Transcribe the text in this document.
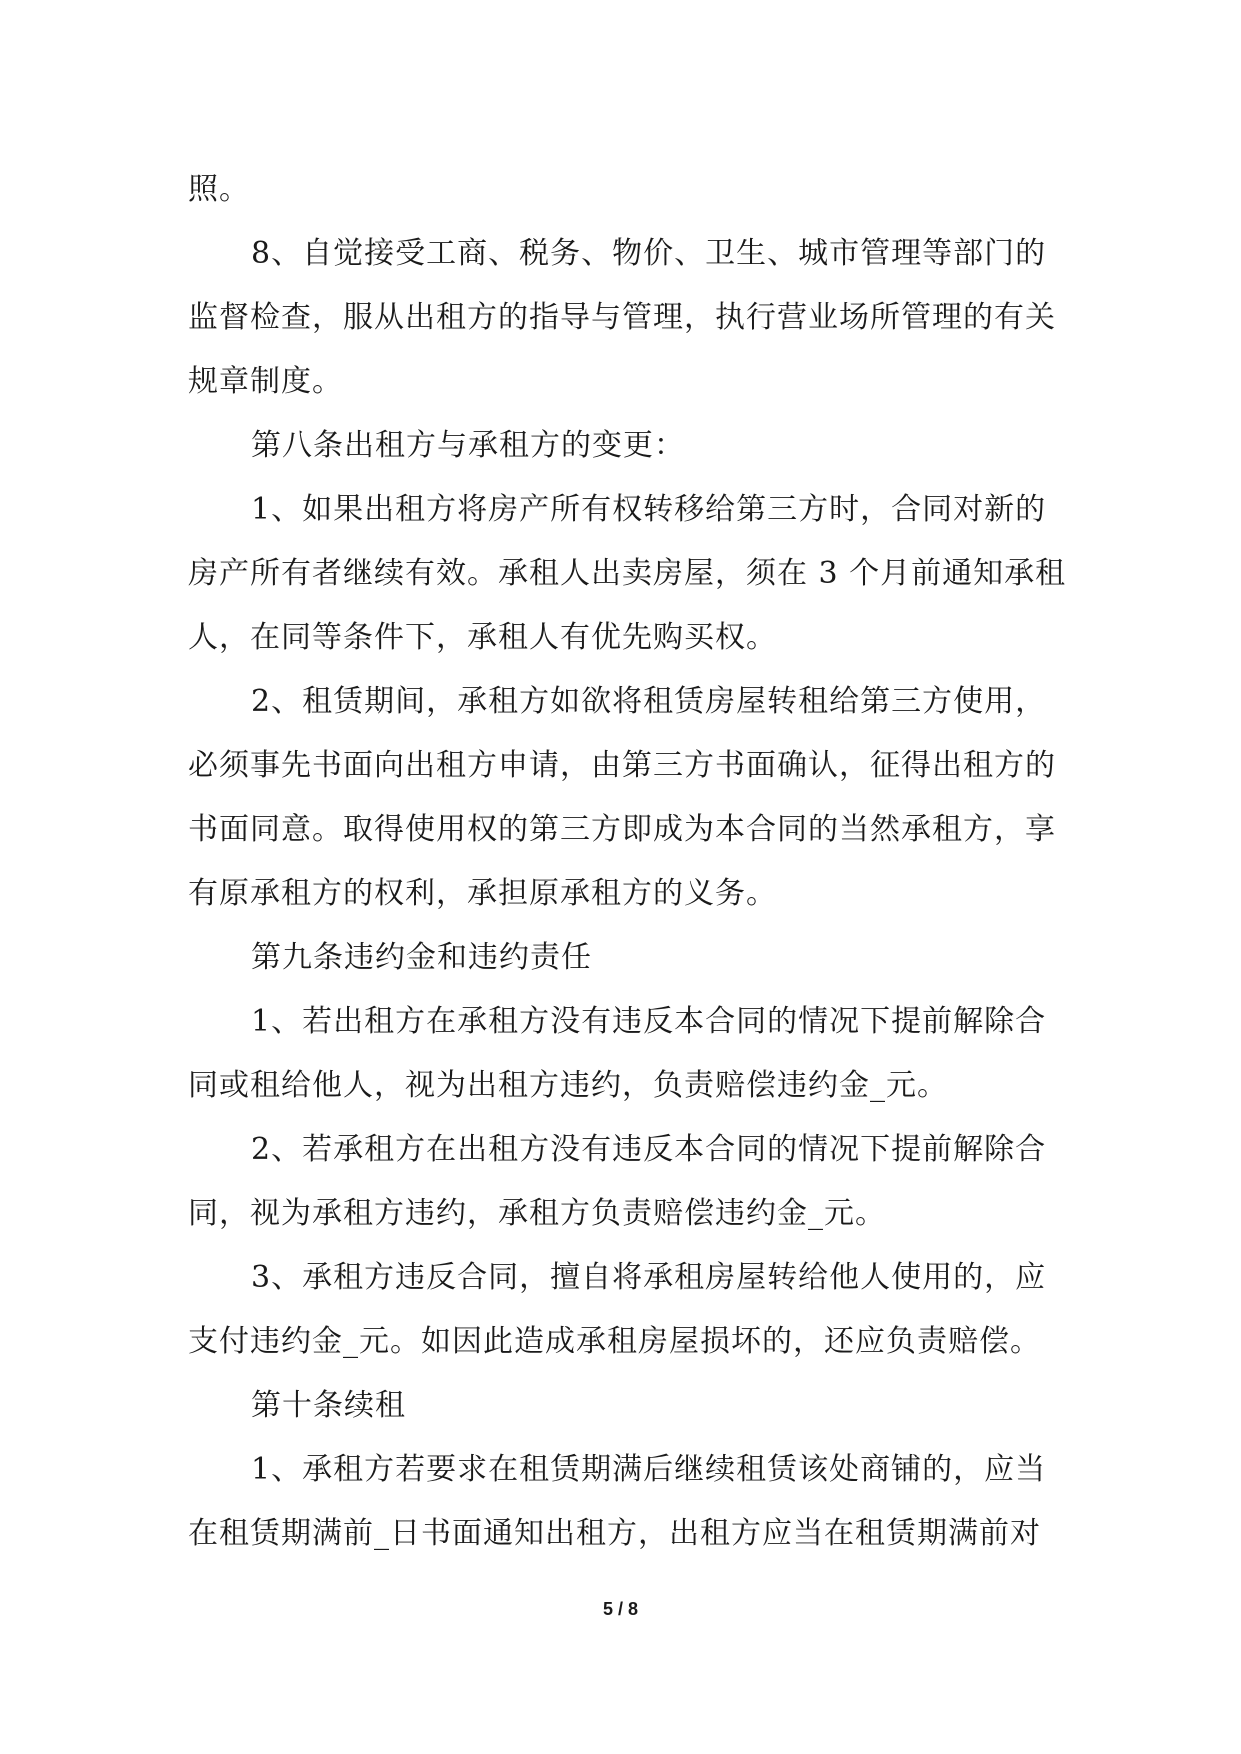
照。
8、自觉接受工商、税务、物价、卫生、城市管理等部门的
监督检查，服从出租方的指导与管理，执行营业场所管理的有关
规章制度。
第八条出租方与承租方的变更：
1、如果出租方将房产所有权转移给第三方时，合同对新的
房产所有者继续有效。承租人出卖房屋，须在 3 个月前通知承租
人，在同等条件下，承租人有优先购买权。
2、租赁期间，承租方如欲将租赁房屋转租给第三方使用，
必须事先书面向出租方申请，由第三方书面确认，征得出租方的
书面同意。取得使用权的第三方即成为本合同的当然承租方，享
有原承租方的权利，承担原承租方的义务。
第九条违约金和违约责任
1、若出租方在承租方没有违反本合同的情况下提前解除合
同或租给他人，视为出租方违约，负责赔偿违约金_元。
2、若承租方在出租方没有违反本合同的情况下提前解除合
同，视为承租方违约，承租方负责赔偿违约金_元。
3、承租方违反合同，擅自将承租房屋转给他人使用的，应
支付违约金_元。如因此造成承租房屋损坏的，还应负责赔偿。
第十条续租
1、承租方若要求在租赁期满后继续租赁该处商铺的，应当
在租赁期满前_日书面通知出租方，出租方应当在租赁期满前对
5 / 8
